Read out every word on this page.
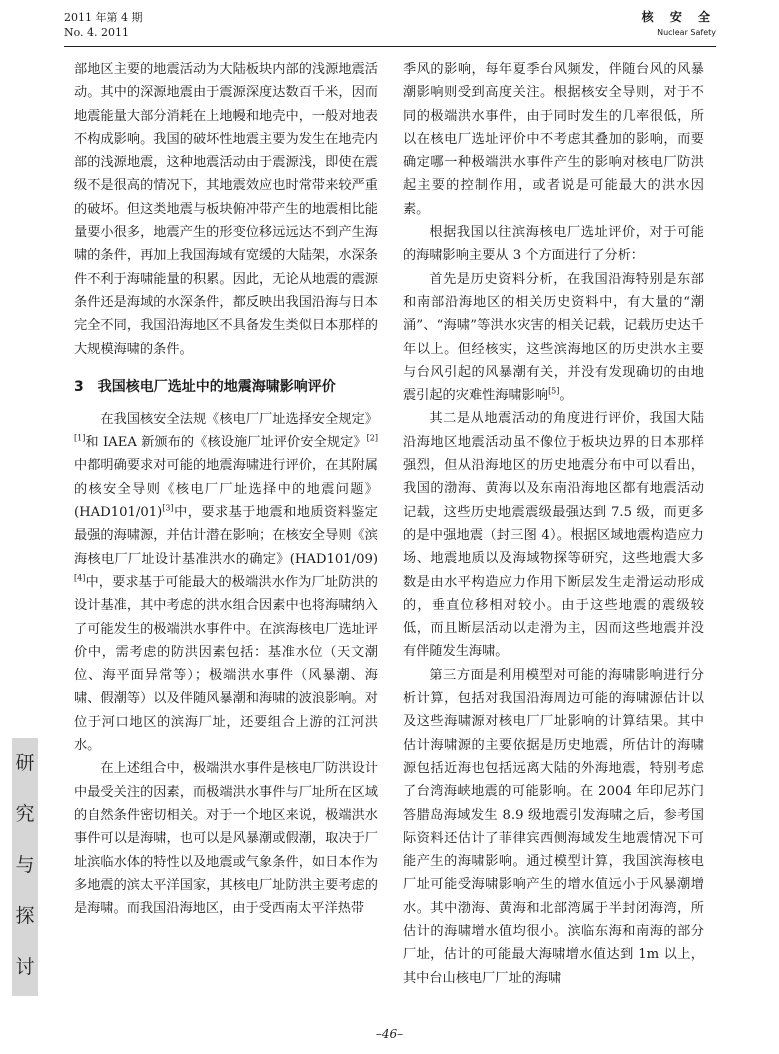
2011 年第 4 期
No. 4. 2011
核 安 全
Nuclear Safety

部地区主要的地震活动为大陆板块内部的浅源地震活动。其中的深源地震由于震源深度达数百千米，因而地震能量大部分消耗在上地幔和地壳中，一般对地表不构成影响。我国的破坏性地震主要为发生在地壳内部的浅源地震，这种地震活动由于震源浅，即使在震级不是很高的情况下，其地震效应也时常带来较严重的破坏。但这类地震与板块俯冲带产生的地震相比能量要小很多，地震产生的形变位移远远达不到产生海啸的条件，再加上我国海域有宽缓的大陆架，水深条件不利于海啸能量的积累。因此，无论从地震的震源条件还是海域的水深条件，都反映出我国沿海与日本完全不同，我国沿海地区不具备发生类似日本那样的大规模海啸的条件。

3　我国核电厂选址中的地震海啸影响评价

在我国核安全法规《核电厂厂址选择安全规定》[1]和 IAEA 新颁布的《核设施厂址评价安全规定》[2]中都明确要求对可能的地震海啸进行评价，在其附属的核安全导则《核电厂厂址选择中的地震问题》(HAD101/01)[3]中，要求基于地震和地质资料鉴定最强的海啸源，并估计潜在影响；在核安全导则《滨海核电厂厂址设计基准洪水的确定》(HAD101/09)[4]中，要求基于可能最大的极端洪水作为厂址防洪的设计基准，其中考虑的洪水组合因素中也将海啸纳入了可能发生的极端洪水事件中。在滨海核电厂选址评价中，需考虑的防洪因素包括：基准水位（天文潮位、海平面异常等）；极端洪水事件（风暴潮、海啸、假潮等）以及伴随风暴潮和海啸的波浪影响。对位于河口地区的滨海厂址，还要组合上游的江河洪水。

在上述组合中，极端洪水事件是核电厂防洪设计中最受关注的因素，而极端洪水事件与厂址所在区域的自然条件密切相关。对于一个地区来说，极端洪水事件可以是海啸，也可以是风暴潮或假潮，取决于厂址滨临水体的特性以及地震或气象条件，如日本作为多地震的滨太平洋国家，其核电厂址防洪主要考虑的是海啸。而我国沿海地区，由于受西南太平洋热带

季风的影响，每年夏季台风频发，伴随台风的风暴潮影响则受到高度关注。根据核安全导则，对于不同的极端洪水事件，由于同时发生的几率很低，所以在核电厂选址评价中不考虑其叠加的影响，而要确定哪一种极端洪水事件产生的影响对核电厂防洪起主要的控制作用，或者说是可能最大的洪水因素。

根据我国以往滨海核电厂选址评价，对于可能的海啸影响主要从 3 个方面进行了分析：

首先是历史资料分析，在我国沿海特别是东部和南部沿海地区的相关历史资料中，有大量的“潮涌”、“海啸”等洪水灾害的相关记载，记载历史达千年以上。但经核实，这些滨海地区的历史洪水主要与台风引起的风暴潮有关，并没有发现确切的由地震引起的灾难性海啸影响[5]。

其二是从地震活动的角度进行评价，我国大陆沿海地区地震活动虽不像位于板块边界的日本那样强烈，但从沿海地区的历史地震分布中可以看出，我国的渤海、黄海以及东南沿海地区都有地震活动记载，这些历史地震震级最强达到 7.5 级，而更多的是中强地震（封三图 4）。根据区域地震构造应力场、地震地质以及海域物探等研究，这些地震大多数是由水平构造应力作用下断层发生走滑运动形成的，垂直位移相对较小。由于这些地震的震级较低，而且断层活动以走滑为主，因而这些地震并没有伴随发生海啸。

第三方面是利用模型对可能的海啸影响进行分析计算，包括对我国沿海周边可能的海啸源估计以及这些海啸源对核电厂厂址影响的计算结果。其中估计海啸源的主要依据是历史地震，所估计的海啸源包括近海也包括远离大陆的外海地震，特别考虑了台湾海峡地震的可能影响。在 2004 年印尼苏门答腊岛海域发生 8.9 级地震引发海啸之后，参考国际资料还估计了菲律宾西侧海域发生地震情况下可能产生的海啸影响。通过模型计算，我国滨海核电厂址可能受海啸影响产生的增水值远小于风暴潮增水。其中渤海、黄海和北部湾属于半封闭海湾，所估计的海啸增水值均很小。滨临东海和南海的部分厂址，估计的可能最大海啸增水值达到 1m 以上，其中台山核电厂厂址的海啸

研
究
与
探
讨
–46–
